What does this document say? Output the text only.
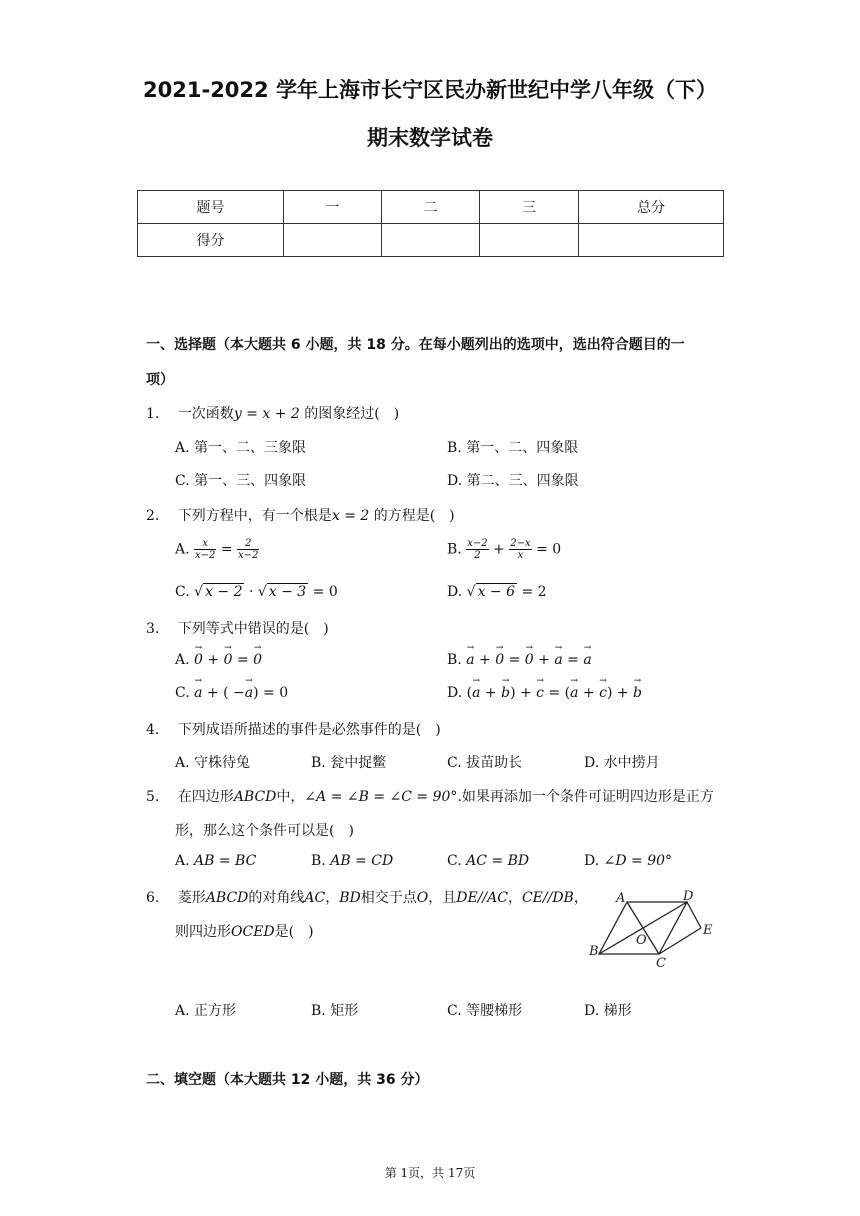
2021-2022 学年上海市长宁区民办新世纪中学八年级（下）
期末数学试卷
题号	一	二	三	总分
得分				
一、选择题（本大题共 6 小题，共 18 分。在每小题列出的选项中，选出符合题目的一
项）
1. 一次函数y = x + 2 的图象经过(　)
A. 第一、二、三象限	B. 第一、二、四象限
C. 第一、三、四象限	D. 第二、三、四象限
2. 下列方程中，有一个根是x = 2 的方程是(　)
A. $\frac{x}{x-2} = \frac{2}{x-2}$	B. $\frac{x-2}{2} + \frac{2-x}{x} = 0$
C. √ x − 2 · √ x − 3 = 0	D. √ x − 6 = 2
3. 下列等式中错误的是(　)
A. → 0 + → 0 = → 0	B. → a + → 0 = → 0 + → a = → a
C. → a + ( −→ a) = 0	D. (→ a + → b) + → c = (→ a + → c) + → b
4. 下列成语所描述的事件是必然事件的是(　)
A. 守株待兔	B. 瓮中捉鳖	C. 拔苗助长	D. 水中捞月
5. 在四边形ABCD中，∠A = ∠B = ∠C = 90°.如果再添加一个条件可证明四边形是正方
形，那么这个条件可以是(　)
A. AB = BC	B. AB = CD	C. AC = BD	D. ∠D = 90°
6. 菱形ABCD的对角线AC，BD相交于点O，且DE//AC，CE//DB，
则四边形OCED是(　)
A	D
B
O
C
E
A. 正方形	B. 矩形	C. 等腰梯形	D. 梯形
二、填空题（本大题共 12 小题，共 36 分）
第 1页，共 17页
